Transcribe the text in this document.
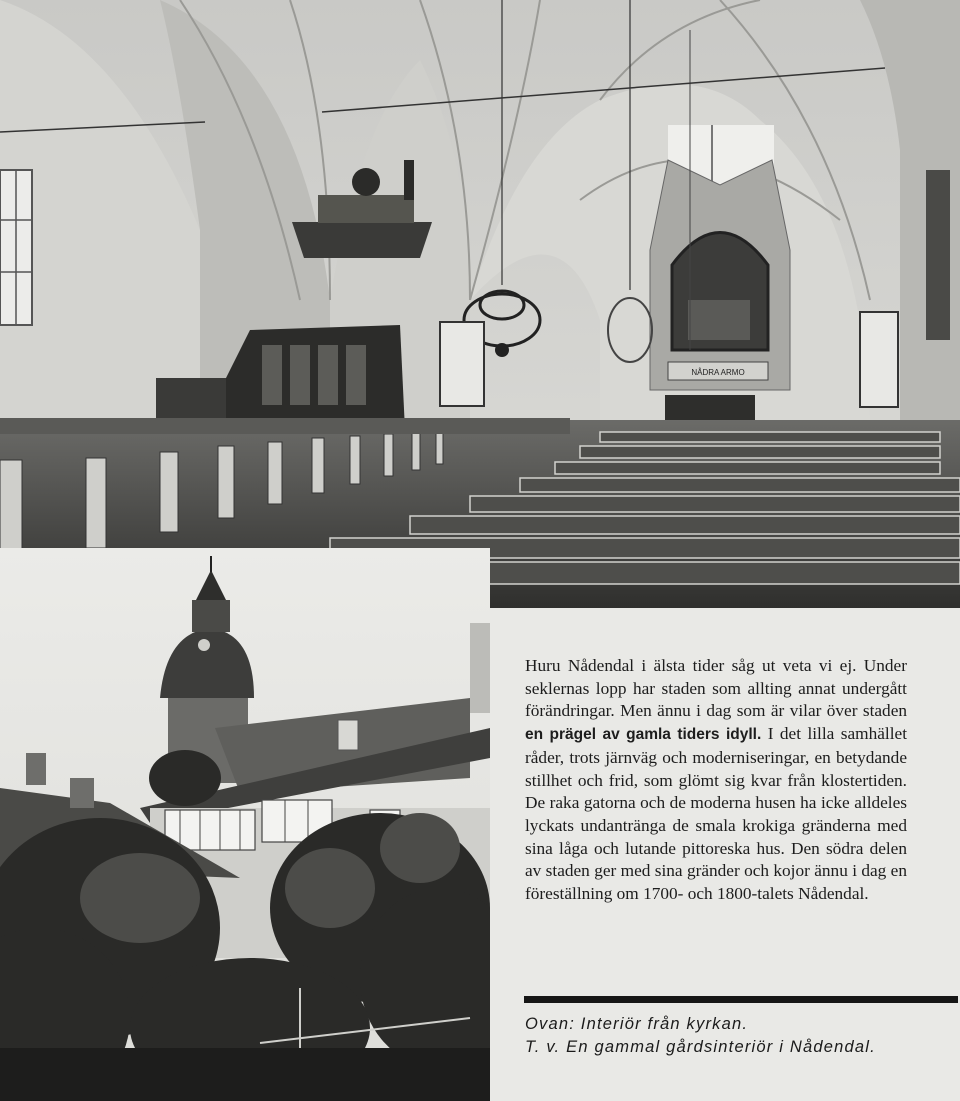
NÅDRA ARMO

Huru Nådendal i älsta tider såg ut veta vi ej. Under seklernas lopp har staden som allting annat undergått förändringar. Men ännu i dag som är vilar över staden en prägel av gamla tiders idyll. I det lilla samhället råder, trots järnväg och moderniseringar, en betydande stillhet och frid, som glömt sig kvar från klostertiden. De raka gatorna och de moderna husen ha icke alldeles lyckats undantränga de smala krokiga gränderna med sina låga och lutande pittoreska hus. Den södra delen av staden ger med sina gränder och kojor ännu i dag en föreställning om 1700- och 1800-talets Nådendal.

Ovan: Interiör från kyrkan.
T. v. En gammal gårdsinteriör i Nådendal.
